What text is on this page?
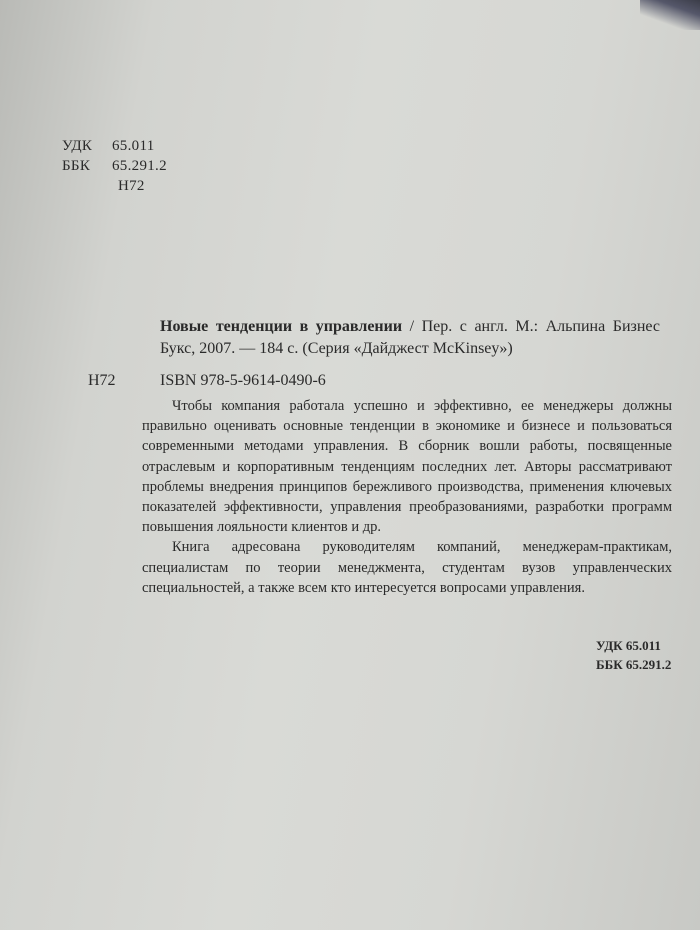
УДК	65.011
ББК	65.291.2
Н72
Новые тенденции в управлении / Пер. с англ. М.: Альпина Бизнес Букс, 2007. — 184 с. (Серия «Дайджест McKinsey»)
Н72	ISBN 978-5-9614-0490-6

Чтобы компания работала успешно и эффективно, ее менеджеры должны правильно оценивать основные тенденции в экономике и бизнесе и пользоваться современными методами управления. В сборник вошли работы, посвященные отраслевым и корпоративным тенденциям последних лет. Авторы рассматривают проблемы внедрения принципов бережливого производства, применения ключевых показателей эффективности, управления преобразованиями, разработки программ повышения лояльности клиентов и др.

Книга адресована руководителям компаний, менеджерам-практикам, специалистам по теории менеджмента, студентам вузов управленческих специальностей, а также всем кто интересуется вопросами управления.

УДК 65.011
ББК 65.291.2
